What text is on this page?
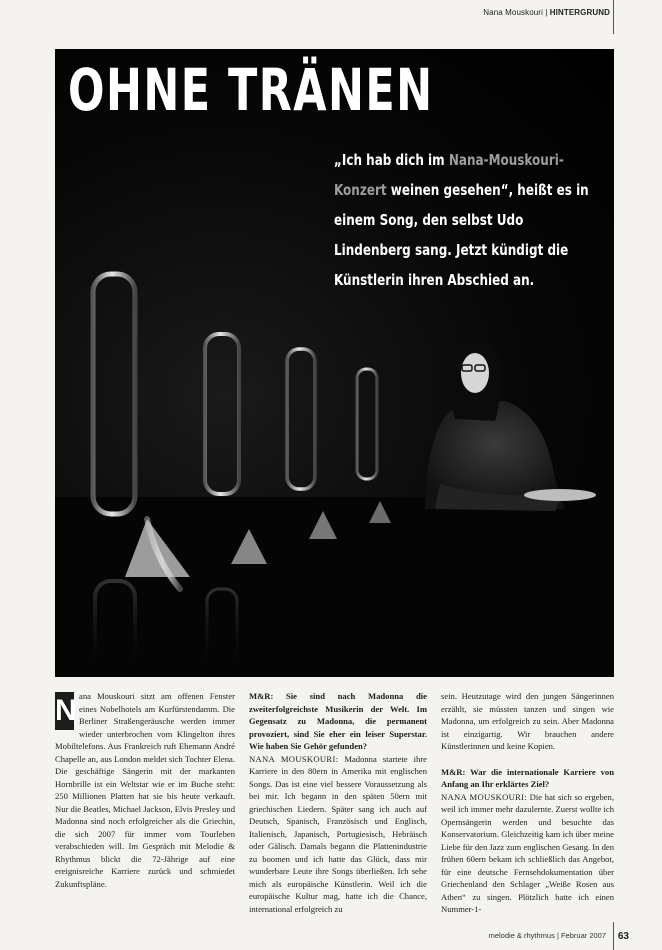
Nana Mouskouri | HINTERGRUND
OHNE TRÄNEN
„Ich hab dich im Nana-Mouskouri-Konzert weinen gesehen“, heißt es in einem Song, den selbst Udo Lindenberg sang. Jetzt kündigt die Künstlerin ihren Abschied an.
N ana Mouskouri sitzt am offenen Fenster eines Nobelhotels am Kurfürstendamm. Die Berliner Straßengeräusche werden immer wieder unterbrochen vom Klingelton ihres Mobiltelefons. Aus Frankreich ruft Ehemann André Chapelle an, aus London meldet sich Tochter Elena. Die geschäftige Sängerin mit der markanten Hornbrille ist ein Weltstar wie er im Buche steht: 250 Millionen Platten hat sie bis heute verkauft. Nur die Beatles, Michael Jackson, Elvis Presley und Madonna sind noch erfolgreicher als die Griechin, die sich 2007 für immer vom Tourleben verabschieden will. Im Gespräch mit Melodie & Rhythmus blickt die 72-Jährige auf eine ereignisreiche Karriere zurück und schmiedet Zukunftspläne.

M&R: Sie sind nach Madonna die zweiterfolgreichste Musikerin der Welt. Im Gegensatz zu Madonna, die permanent provoziert, sind Sie eher ein leiser Superstar. Wie haben Sie Gehör gefunden?

NANA MOUSKOURI: Madonna startete ihre Karriere in den 80ern in Amerika mit englischen Songs. Das ist eine viel bessere Voraussetzung als bei mir. Ich begann in den späten 50ern mit griechischen Liedern. Später sang ich auch auf Deutsch, Spanisch, Französisch und Englisch, Italienisch, Japanisch, Portugiesisch, Hebräisch oder Gälisch. Damals begann die Plattenindustrie zu boomen und ich hatte das Glück, dass mir wunderbare Leute ihre Songs überließen. Ich sehe mich als europäische Künstlerin. Weil ich die europäische Kultur mag, hatte ich die Chance, international erfolgreich zu

sein. Heutzutage wird den jungen Sängerinnen erzählt, sie müssten tanzen und singen wie Madonna, um erfolgreich zu sein. Aber Madonna ist einzigartig. Wir brauchen andere Künstlerinnen und keine Kopien.

M&R: War die internationale Karriere von Anfang an Ihr erklärtes Ziel?

NANA MOUSKOURI: Die hat sich so ergeben, weil ich immer mehr dazulernte. Zuerst wollte ich Opernsängerin werden und besuchte das Konservatorium. Gleichzeitig kam ich über meine Liebe für den Jazz zum englischen Gesang. In den frühen 60ern bekam ich schließlich das Angebot, für eine deutsche Fernsehdokumentation über Griechenland den Schlager „Weiße Rosen aus Athen“ zu singen. Plötzlich hatte ich einen Nummer-1-

melodie & rhythmus | Februar 2007 63
